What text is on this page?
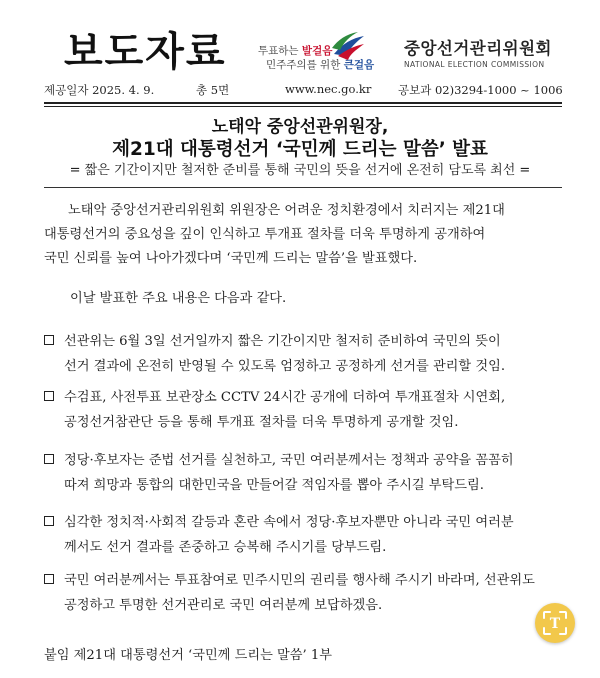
보도자료	투표하는 발걸음
민주주의를 위한 큰걸음
중앙선거관리위원회
NATIONAL ELECTION COMMISSION
제공일자 2025. 4. 9.	총 5면	www.nec.go.kr 공보과 02)3294-1000 ~ 1006
노태악 중앙선관위원장,
제21대 대통령선거 ‘국민께 드리는 말씀’ 발표
= 짧은 기간이지만 철저한 준비를 통해 국민의 뜻을 선거에 온전히 담도록 최선 =
노태악 중앙선거관리위원회 위원장은 어려운 정치환경에서 치러지는 제21대
대통령선거의 중요성을 깊이 인식하고 투개표 절차를 더욱 투명하게 공개하여
국민 신뢰를 높여 나아가겠다며 ‘국민께 드리는 말씀’을 발표했다.
이날 발표한 주요 내용은 다음과 같다.
선관위는 6월 3일 선거일까지 짧은 기간이지만 철저히 준비하여 국민의 뜻이
선거 결과에 온전히 반영될 수 있도록 엄정하고 공정하게 선거를 관리할 것임.
수검표, 사전투표 보관장소 CCTV 24시간 공개에 더하여 투개표절차 시연회,
공정선거참관단 등을 통해 투개표 절차를 더욱 투명하게 공개할 것임.
정당·후보자는 준법 선거를 실천하고, 국민 여러분께서는 정책과 공약을 꼼꼼히
따져 희망과 통합의 대한민국을 만들어갈 적임자를 뽑아 주시길 부탁드림.
심각한 정치적·사회적 갈등과 혼란 속에서 정당·후보자뿐만 아니라 국민 여러분
께서도 선거 결과를 존중하고 승복해 주시기를 당부드림.
국민 여러분께서는 투표참여로 민주시민의 권리를 행사해 주시기 바라며, 선관위도
공정하고 투명한 선거관리로 국민 여러분께 보답하겠음.
붙임 제21대 대통령선거 ‘국민께 드리는 말씀’ 1부
T
